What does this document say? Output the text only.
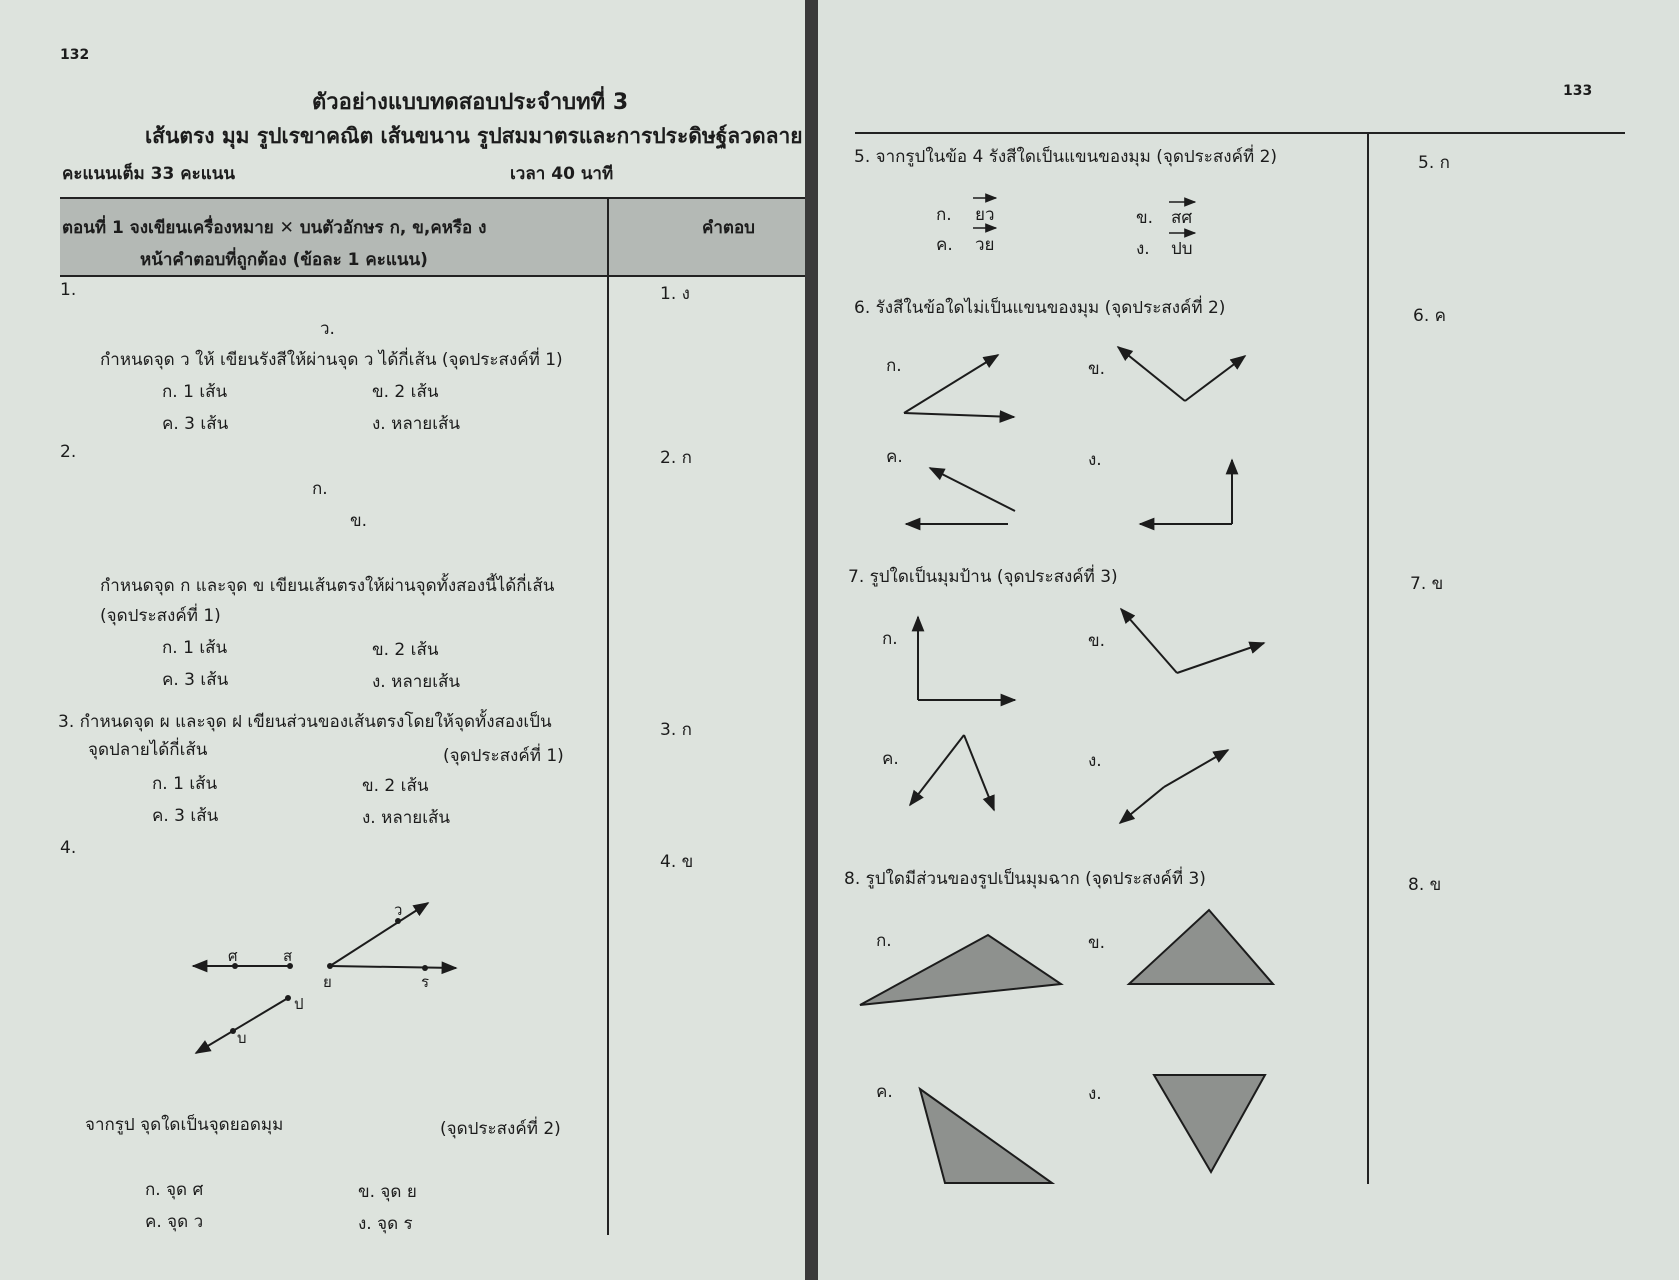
132
ตัวอย่างแบบทดสอบประจำบทที่ 3
เส้นตรง มุม รูปเรขาคณิต เส้นขนาน รูปสมมาตรและการประดิษฐ์ลวดลาย
คะแนนเต็ม 33 คะแนน	เวลา 40 นาที
ตอนที่ 1 จงเขียนเครื่องหมาย ✕ บนตัวอักษร ก, ข,คหรือ ง
หน้าคำตอบที่ถูกต้อง (ข้อละ 1 คะแนน)
คำตอบ
1.
ว.
กำหนดจุด ว ให้ เขียนรังสีให้ผ่านจุด ว ได้กี่เส้น (จุดประสงค์ที่ 1)
ก. 1 เส้น	ข. 2 เส้น
ค. 3 เส้น	ง. หลายเส้น
1. ง
2.
ก.
ข.
กำหนดจุด ก และจุด ข เขียนเส้นตรงให้ผ่านจุดทั้งสองนี้ได้กี่เส้น
(จุดประสงค์ที่ 1)
ก. 1 เส้น	ข. 2 เส้น
ค. 3 เส้น	ง. หลายเส้น
2. ก
3. กำหนดจุด ผ และจุด ฝ เขียนส่วนของเส้นตรงโดยให้จุดทั้งสองเป็น
จุดปลายได้กี่เส้น	(จุดประสงค์ที่ 1)
ก. 1 เส้น	ข. 2 เส้น
ค. 3 เส้น	ง. หลายเส้น
3. ก
4.
4. ข
ศ	ส
ว
ย	ร
ป
บ
จากรูป จุดใดเป็นจุดยอดมุม	(จุดประสงค์ที่ 2)
ก. จุด ศ	ข. จุด ย
ค. จุด ว	ง. จุด ร
133
5. จากรูปในข้อ 4 รังสีใดเป็นแขนของมุม (จุดประสงค์ที่ 2)
ก. ยว	ข. สศ
ค. วย	ง. ปบ
5. ก
6. รังสีในข้อใดไม่เป็นแขนของมุม (จุดประสงค์ที่ 2)
ก.	ข.
ค.	ง.
6. ค
7. รูปใดเป็นมุมป้าน (จุดประสงค์ที่ 3)
ก.	ข.
ค.	ง.
7. ข
8. รูปใดมีส่วนของรูปเป็นมุมฉาก (จุดประสงค์ที่ 3)
ก.	ข.
ค.	ง.
8. ข
